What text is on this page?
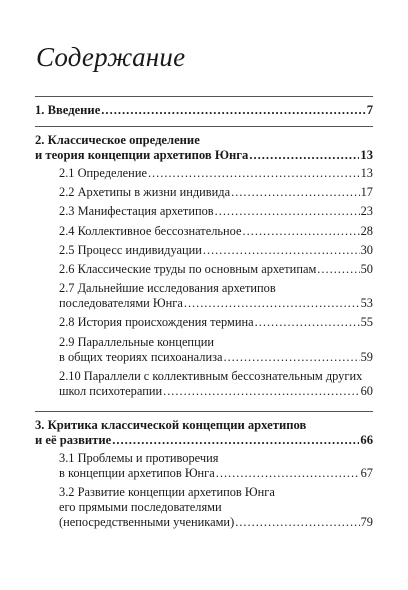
Содержание
1. Введение .....	7
2. Классическое определение
и теория концепции архетипов Юнга .....	13
2.1 Определение .....	13
2.2 Архетипы в жизни индивида .....	17
2.3 Манифестация архетипов .....	23
2.4 Коллективное бессознательное .....	28
2.5 Процесс индивидуации .....	30
2.6 Классические труды по основным архетипам .....	50
2.7 Дальнейшие исследования архетипов
последователями Юнга .....	53
2.8 История происхождения термина .....	55
2.9 Параллельные концепции
в общих теориях психоанализа .....	59
2.10 Параллели с коллективным бессознательным других
школ психотерапии .....	60
3. Критика классической концепции архетипов
и её развитие .....	66
3.1 Проблемы и противоречия
в концепции архетипов Юнга .....	67
3.2 Развитие концепции архетипов Юнга
его прямыми последователями
(непосредственными учениками) .....	79
